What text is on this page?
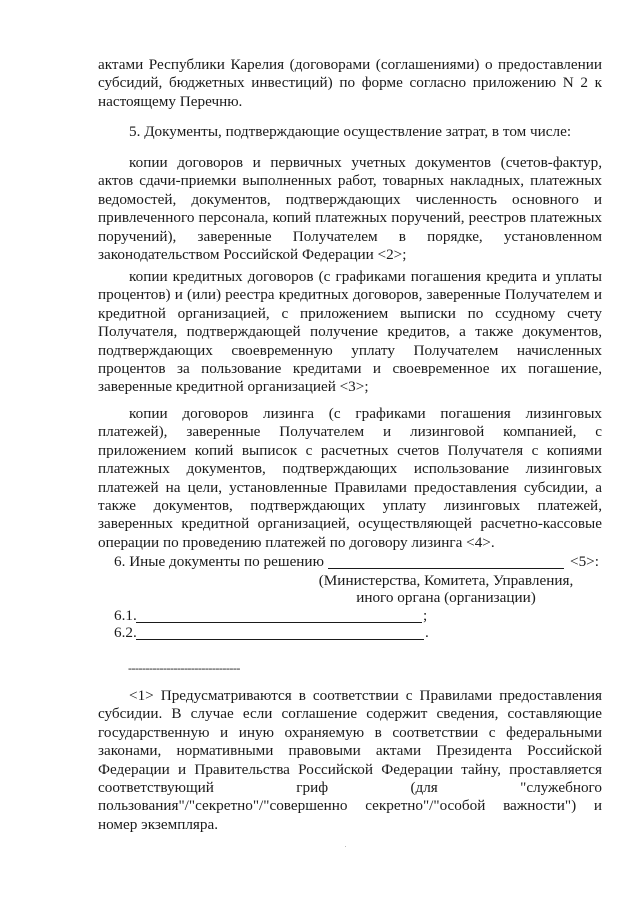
актами Республики Карелия (договорами (соглашениями) о предоставлении субсидий, бюджетных инвестиций) по форме согласно приложению N 2 к настоящему Перечню.

5. Документы, подтверждающие осуществление затрат, в том числе:

копии договоров и первичных учетных документов (счетов-фактур, актов сдачи-приемки выполненных работ, товарных накладных, платежных ведомостей, документов, подтверждающих численность основного и привлеченного персонала, копий платежных поручений, реестров платежных поручений), заверенные Получателем в порядке, установленном законодательством Российской Федерации <2>;

копии кредитных договоров (с графиками погашения кредита и уплаты процентов) и (или) реестра кредитных договоров, заверенные Получателем и кредитной организацией, с приложением выписки по ссудному счету Получателя, подтверждающей получение кредитов, а также документов, подтверждающих своевременную уплату Получателем начисленных процентов за пользование кредитами и своевременное их погашение, заверенные кредитной организацией <3>;

копии договоров лизинга (с графиками погашения лизинговых платежей), заверенные Получателем и лизинговой компанией, с приложением копий выписок с расчетных счетов Получателя с копиями платежных документов, подтверждающих использование лизинговых платежей на цели, установленные Правилами предоставления субсидии, а также документов, подтверждающих уплату лизинговых платежей, заверенных кредитной организацией, осуществляющей расчетно-кассовые операции по проведению платежей по договору лизинга <4>.

6. Иные документы по решению	<5>:
(Министерства, Комитета, Управления,
иного органа (организации)
6.1.	;
6.2.	.
--------------------------------

<1> Предусматриваются в соответствии с Правилами предоставления субсидии. В случае если соглашение содержит сведения, составляющие государственную и иную охраняемую в соответствии с федеральными законами, нормативными правовыми актами Президента Российской Федерации и Правительства Российской Федерации тайну, проставляется соответствующий гриф (для "служебного пользования"/"секретно"/"совершенно секретно"/"особой важности") и номер экземпляра.
